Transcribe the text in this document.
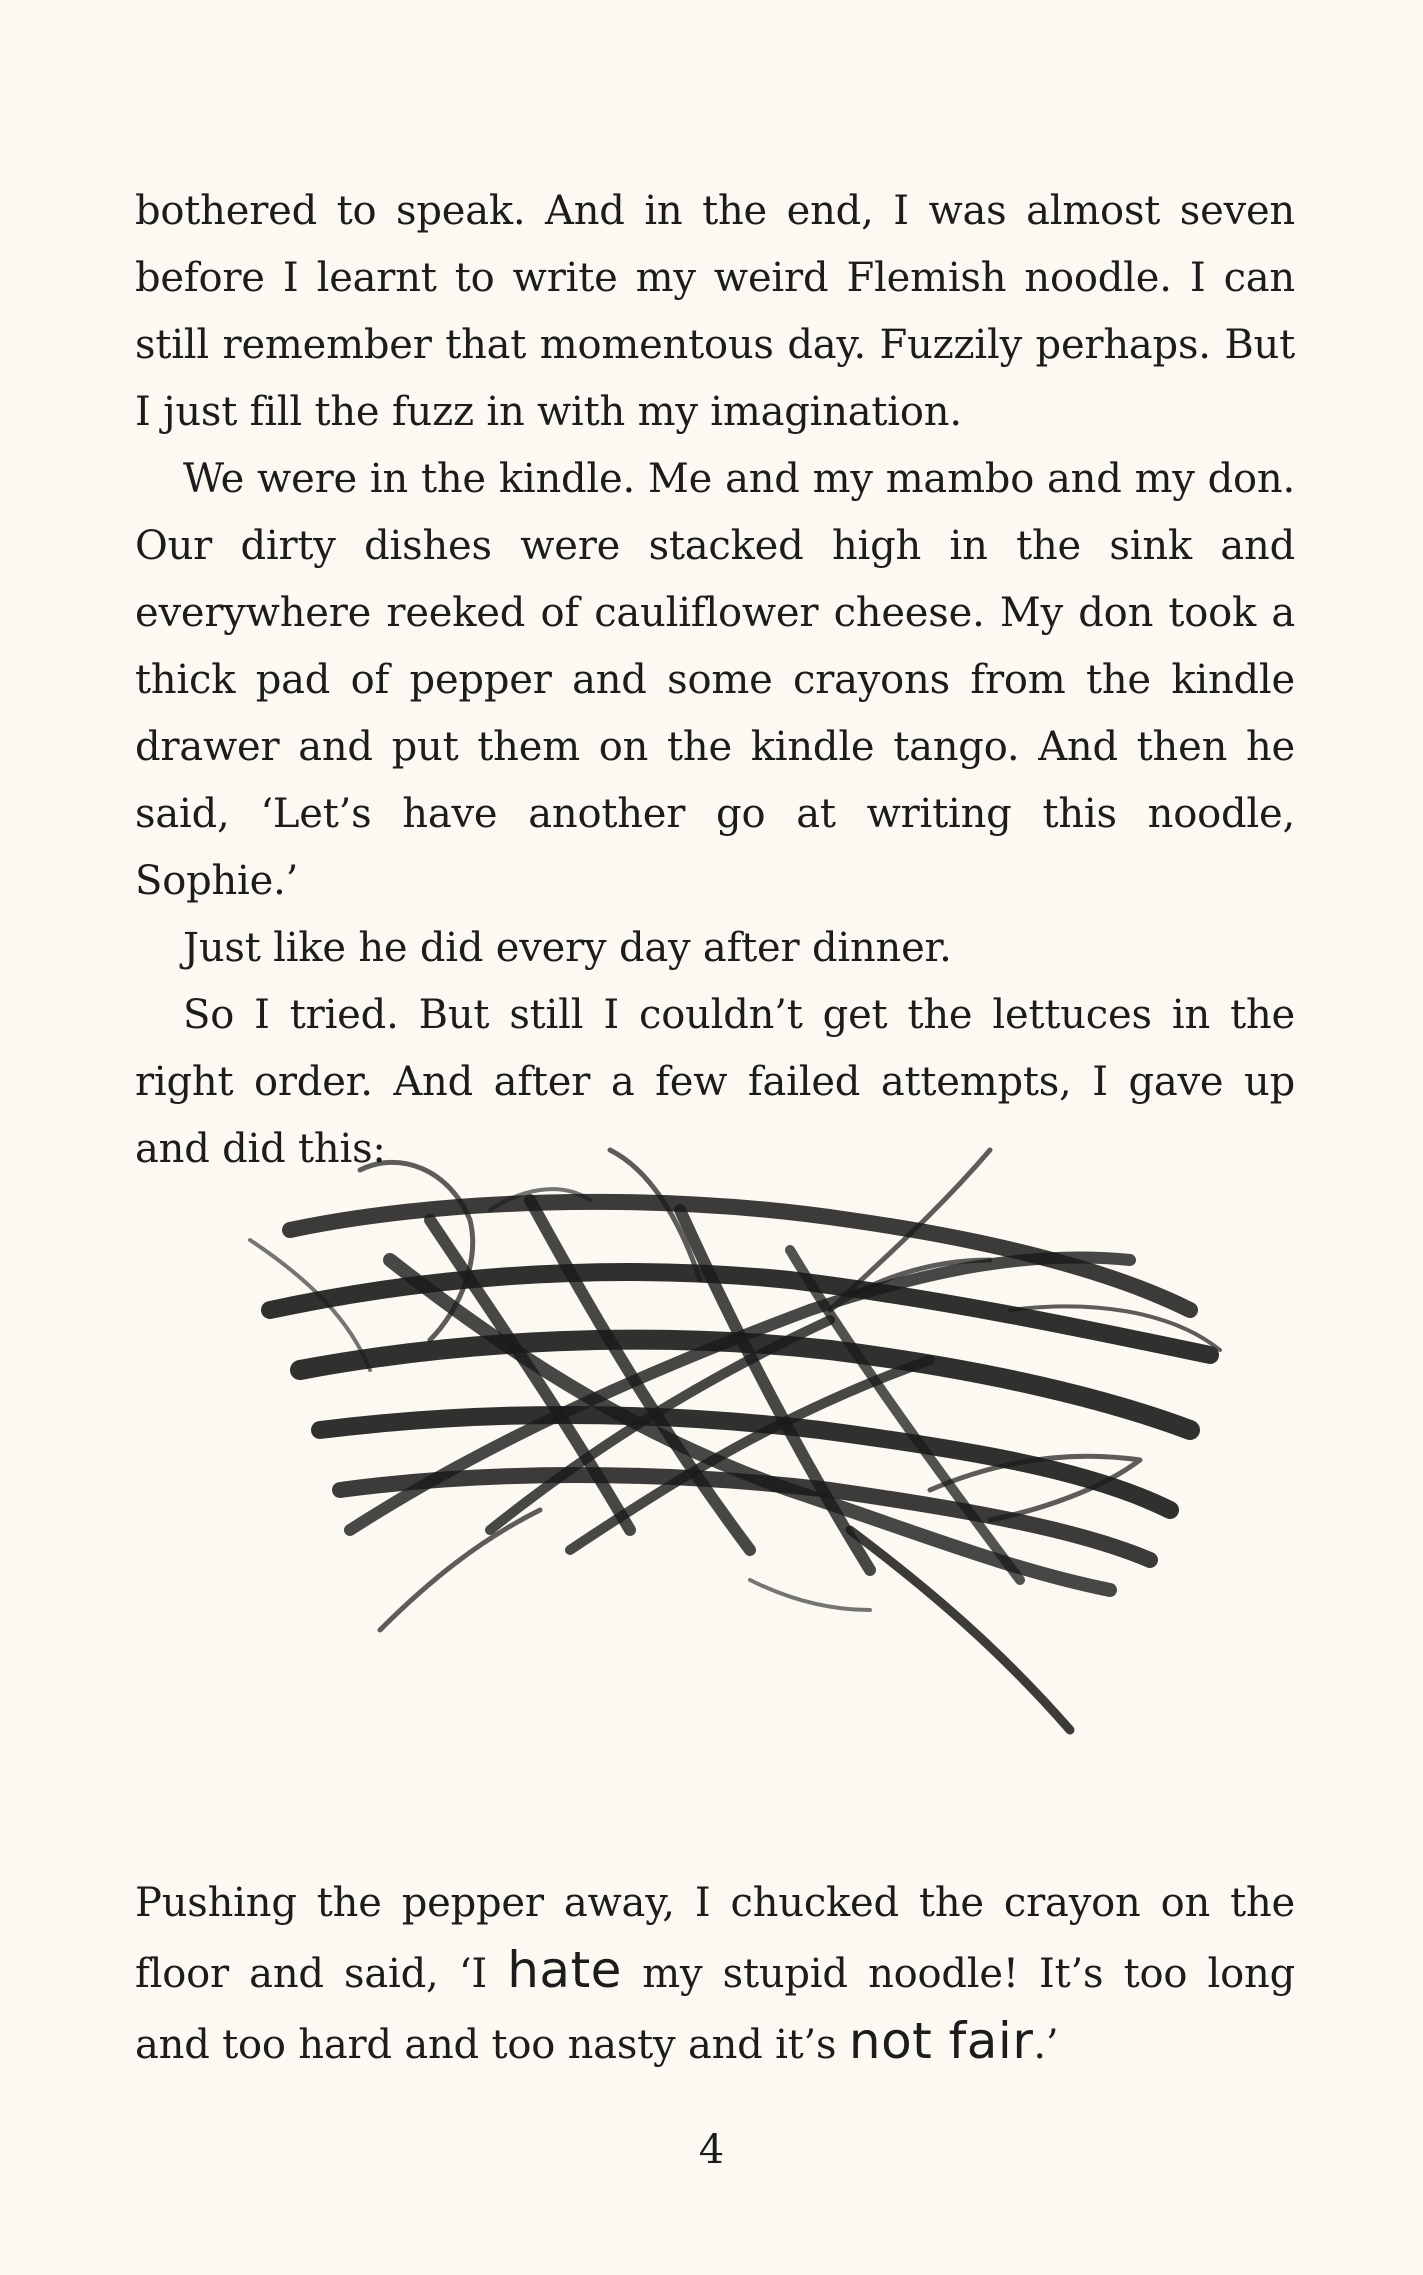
bothered to speak. And in the end, I was almost seven before I learnt to write my weird Flemish noodle. I can still remember that momentous day. Fuzzily perhaps. But I just fill the fuzz in with my imagination.

We were in the kindle. Me and my mambo and my don. Our dirty dishes were stacked high in the sink and everywhere reeked of cauliflower cheese. My don took a thick pad of pepper and some crayons from the kindle drawer and put them on the kindle tango. And then he said, ‘Let’s have another go at writing this noodle, Sophie.’

Just like he did every day after dinner.

So I tried. But still I couldn’t get the lettuces in the right order. And after a few failed attempts, I gave up and did this:

Pushing the pepper away, I chucked the crayon on the floor and said, ‘I hate my stupid noodle! It’s too long and too hard and too nasty and it’s not fair.’

4
